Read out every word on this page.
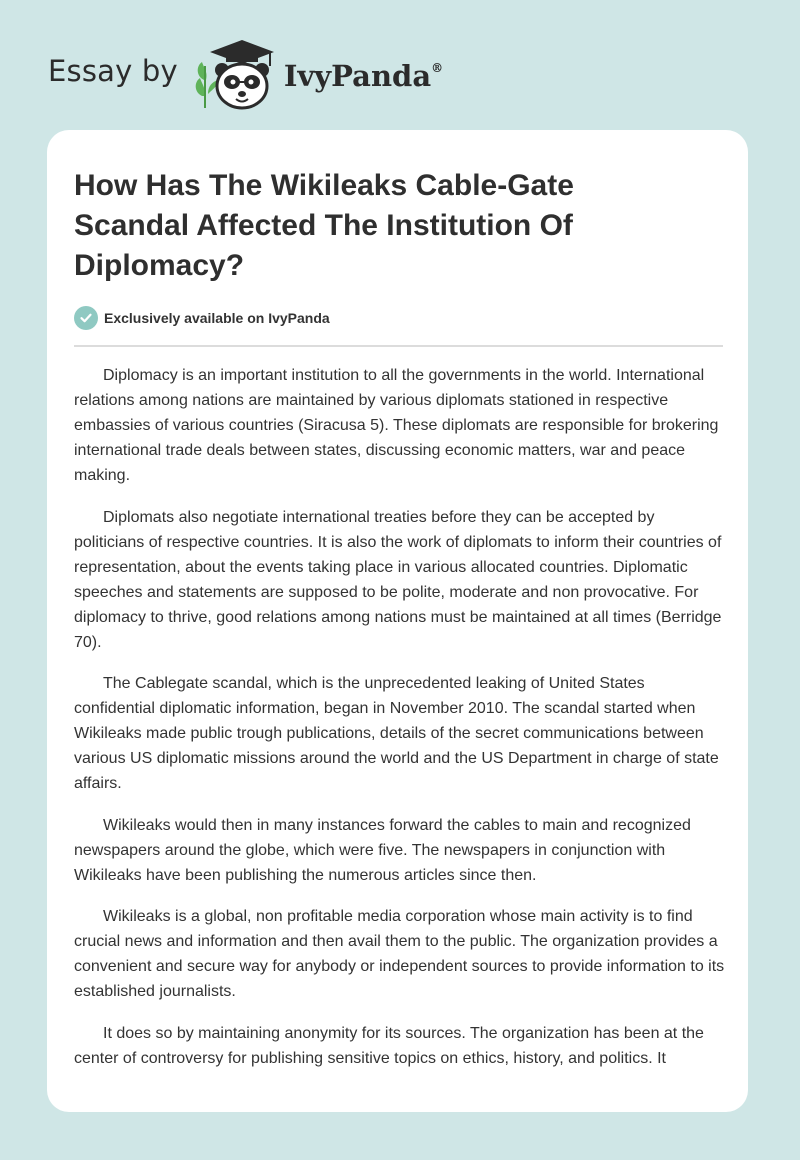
Essay by	IvyPanda®
How Has The Wikileaks Cable-Gate Scandal Affected The Institution Of Diplomacy?
Exclusively available on IvyPanda

Diplomacy is an important institution to all the governments in the world. International relations among nations are maintained by various diplomats stationed in respective embassies of various countries (Siracusa 5). These diplomats are responsible for brokering international trade deals between states, discussing economic matters, war and peace making.

Diplomats also negotiate international treaties before they can be accepted by politicians of respective countries. It is also the work of diplomats to inform their countries of representation, about the events taking place in various allocated countries. Diplomatic speeches and statements are supposed to be polite, moderate and non provocative. For diplomacy to thrive, good relations among nations must be maintained at all times (Berridge 70).

The Cablegate scandal, which is the unprecedented leaking of United States confidential diplomatic information, began in November 2010. The scandal started when Wikileaks made public trough publications, details of the secret communications between various US diplomatic missions around the world and the US Department in charge of state affairs.

Wikileaks would then in many instances forward the cables to main and recognized newspapers around the globe, which were five. The newspapers in conjunction with Wikileaks have been publishing the numerous articles since then.

Wikileaks is a global, non profitable media corporation whose main activity is to find crucial news and information and then avail them to the public. The organization provides a convenient and secure way for anybody or independent sources to provide information to its established journalists.

It does so by maintaining anonymity for its sources. The organization has been at the center of controversy for publishing sensitive topics on ethics, history, and politics. It
